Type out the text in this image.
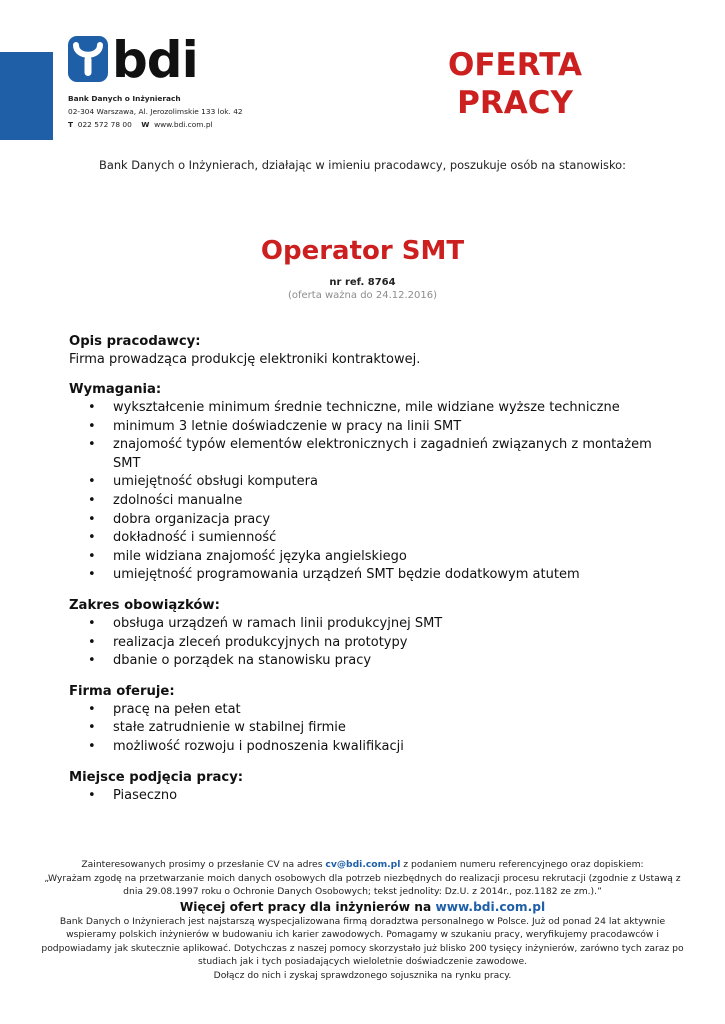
bdi
Bank Danych o Inżynierach
02-304 Warszawa, Al. Jerozolimskie 133 lok. 42
T 022 572 78 00 W www.bdi.com.pl
OFERTA
PRACY
Bank Danych o Inżynierach, działając w imieniu pracodawcy, poszukuje osób na stanowisko:
Operator SMT
nr ref. 8764
(oferta ważna do 24.12.2016)

Opis pracodawcy:

Firma prowadząca produkcję elektroniki kontraktowej.

Wymagania:

• wykształcenie minimum średnie techniczne, mile widziane wyższe techniczne
• minimum 3 letnie doświadczenie w pracy na linii SMT
• znajomość typów elementów elektronicznych i zagadnień związanych z montażem SMT
• umiejętność obsługi komputera
• zdolności manualne
• dobra organizacja pracy
• dokładność i sumienność
• mile widziana znajomość języka angielskiego
• umiejętność programowania urządzeń SMT będzie dodatkowym atutem

Zakres obowiązków:

• obsługa urządzeń w ramach linii produkcyjnej SMT
• realizacja zleceń produkcyjnych na prototypy
• dbanie o porządek na stanowisku pracy

Firma oferuje:

• pracę na pełen etat
• stałe zatrudnienie w stabilnej firmie
• możliwość rozwoju i podnoszenia kwalifikacji

Miejsce podjęcia pracy:

• Piaseczno
Zainteresowanych prosimy o przesłanie CV na adres cv@bdi.com.pl z podaniem numeru referencyjnego oraz dopiskiem:
„Wyrażam zgodę na przetwarzanie moich danych osobowych dla potrzeb niezbędnych do realizacji procesu rekrutacji (zgodnie z Ustawą z dnia 29.08.1997 roku o Ochronie Danych Osobowych; tekst jednolity: Dz.U. z 2014r., poz.1182 ze zm.).”
Więcej ofert pracy dla inżynierów na www.bdi.com.pl
Bank Danych o Inżynierach jest najstarszą wyspecjalizowana firmą doradztwa personalnego w Polsce. Już od ponad 24 lat aktywnie wspieramy polskich inżynierów w budowaniu ich karier zawodowych. Pomagamy w szukaniu pracy, weryfikujemy pracodawców i podpowiadamy jak skutecznie aplikować. Dotychczas z naszej pomocy skorzystało już blisko 200 tysięcy inżynierów, zarówno tych zaraz po studiach jak i tych posiadających wieloletnie doświadczenie zawodowe.
Dołącz do nich i zyskaj sprawdzonego sojusznika na rynku pracy.
